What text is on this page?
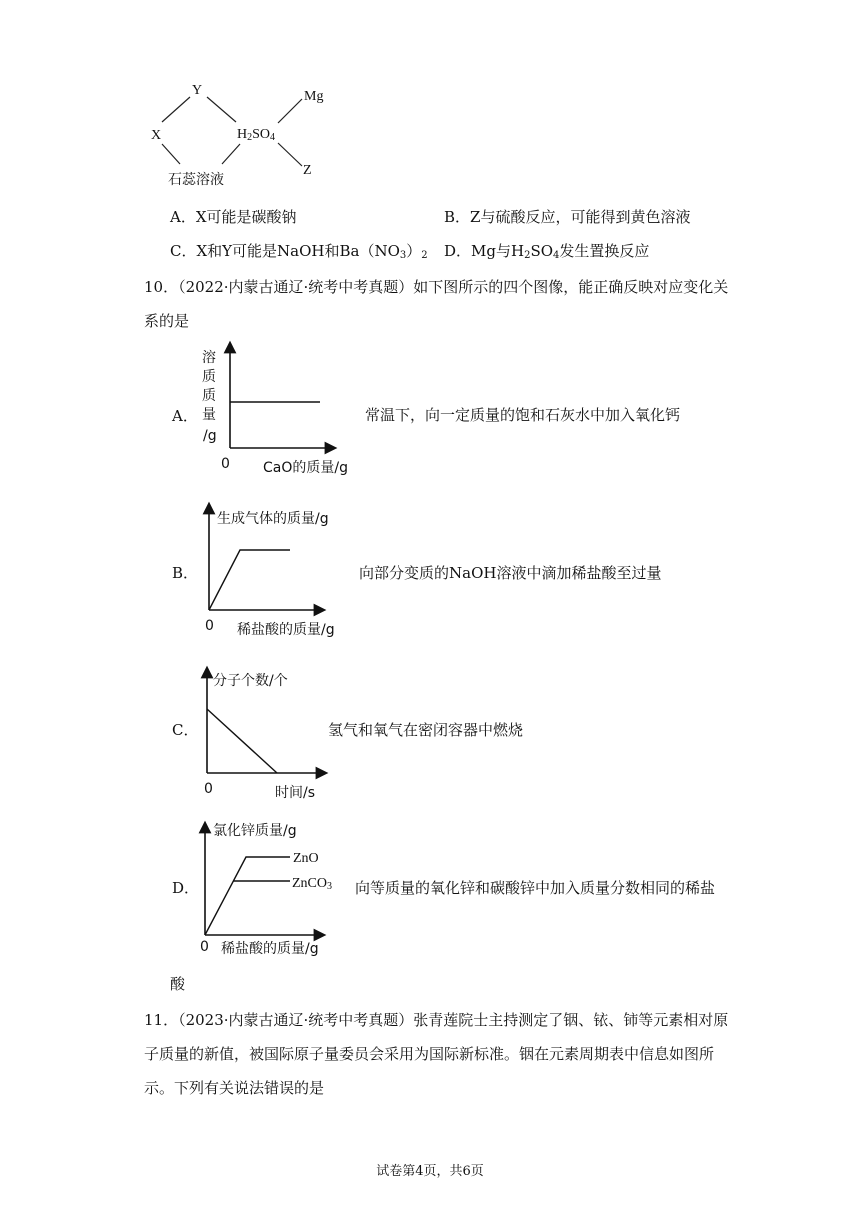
Y
X
Mg
Z
H2SO4
石蕊溶液
A．X可能是碳酸钠	B．Z与硫酸反应，可能得到黄色溶液
C．X和Y可能是NaOH和$Ba(NO_3)_2$ D．Mg与$H_2SO_4$发生置换反应
10．（2022·内蒙古通辽·统考中考真题）如下图所示的四个图像，能正确反映对应变化关
系的是
A．
溶
质
质
量
/g
0 CaO的质量/g
常温下，向一定质量的饱和石灰水中加入氧化钙
B．
生成气体的质量/g
0 稀盐酸的质量/g
向部分变质的NaOH溶液中滴加稀盐酸至过量
C．
分子个数/个
0	时间/s
氢气和氧气在密闭容器中燃烧
D．
氯化锌质量/g
ZnO
ZnCO3
0 稀盐酸的质量/g
向等质量的氧化锌和碳酸锌中加入质量分数相同的稀盐
酸
11．（2023·内蒙古通辽·统考中考真题）张青莲院士主持测定了铟、铱、铈等元素相对原
子质量的新值，被国际原子量委员会采用为国际新标准。铟在元素周期表中信息如图所
示。下列有关说法错误的是
试卷第4页，共6页
